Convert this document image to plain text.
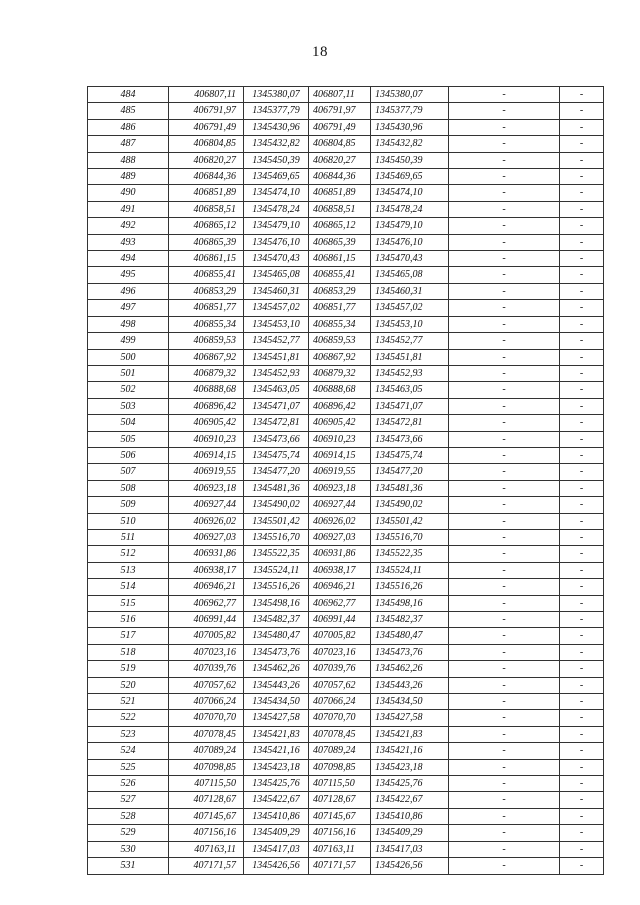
18
484	406807,11	1345380,07	406807,11	1345380,07	-	-
485	406791,97	1345377,79	406791,97	1345377,79	-	-
486	406791,49	1345430,96	406791,49	1345430,96	-	-
487	406804,85	1345432,82	406804,85	1345432,82	-	-
488	406820,27	1345450,39	406820,27	1345450,39	-	-
489	406844,36	1345469,65	406844,36	1345469,65	-	-
490	406851,89	1345474,10	406851,89	1345474,10	-	-
491	406858,51	1345478,24	406858,51	1345478,24	-	-
492	406865,12	1345479,10	406865,12	1345479,10	-	-
493	406865,39	1345476,10	406865,39	1345476,10	-	-
494	406861,15	1345470,43	406861,15	1345470,43	-	-
495	406855,41	1345465,08	406855,41	1345465,08	-	-
496	406853,29	1345460,31	406853,29	1345460,31	-	-
497	406851,77	1345457,02	406851,77	1345457,02	-	-
498	406855,34	1345453,10	406855,34	1345453,10	-	-
499	406859,53	1345452,77	406859,53	1345452,77	-	-
500	406867,92	1345451,81	406867,92	1345451,81	-	-
501	406879,32	1345452,93	406879,32	1345452,93	-	-
502	406888,68	1345463,05	406888,68	1345463,05	-	-
503	406896,42	1345471,07	406896,42	1345471,07	-	-
504	406905,42	1345472,81	406905,42	1345472,81	-	-
505	406910,23	1345473,66	406910,23	1345473,66	-	-
506	406914,15	1345475,74	406914,15	1345475,74	-	-
507	406919,55	1345477,20	406919,55	1345477,20	-	-
508	406923,18	1345481,36	406923,18	1345481,36	-	-
509	406927,44	1345490,02	406927,44	1345490,02	-	-
510	406926,02	1345501,42	406926,02	1345501,42	-	-
511	406927,03	1345516,70	406927,03	1345516,70	-	-
512	406931,86	1345522,35	406931,86	1345522,35	-	-
513	406938,17	1345524,11	406938,17	1345524,11	-	-
514	406946,21	1345516,26	406946,21	1345516,26	-	-
515	406962,77	1345498,16	406962,77	1345498,16	-	-
516	406991,44	1345482,37	406991,44	1345482,37	-	-
517	407005,82	1345480,47	407005,82	1345480,47	-	-
518	407023,16	1345473,76	407023,16	1345473,76	-	-
519	407039,76	1345462,26	407039,76	1345462,26	-	-
520	407057,62	1345443,26	407057,62	1345443,26	-	-
521	407066,24	1345434,50	407066,24	1345434,50	-	-
522	407070,70	1345427,58	407070,70	1345427,58	-	-
523	407078,45	1345421,83	407078,45	1345421,83	-	-
524	407089,24	1345421,16	407089,24	1345421,16	-	-
525	407098,85	1345423,18	407098,85	1345423,18	-	-
526	407115,50	1345425,76	407115,50	1345425,76	-	-
527	407128,67	1345422,67	407128,67	1345422,67	-	-
528	407145,67	1345410,86	407145,67	1345410,86	-	-
529	407156,16	1345409,29	407156,16	1345409,29	-	-
530	407163,11	1345417,03	407163,11	1345417,03	-	-
531	407171,57	1345426,56	407171,57	1345426,56	-	-
